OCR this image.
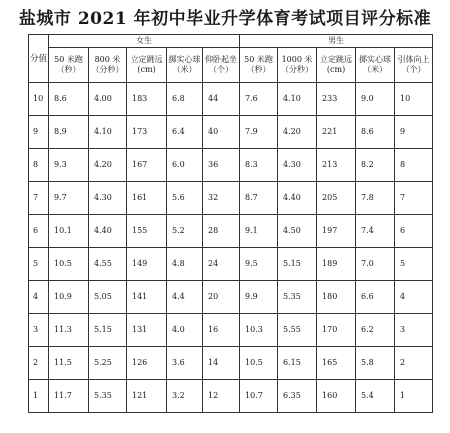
盐城市 2021 年初中毕业升学体育考试项目评分标准
分值	女生					男生				
	50 米跑（秒）	800 米（分秒）	立定跳远(cm)	掷实心球（米）	仰卧起坐（个）	50 米跑（秒）	1000 米（分秒）	立定跳远(cm)	掷实心球（米）	引体向上（个）
10	8.6	4.00	183	6.8	44	7.6	4.10	233	9.0	10
9	8.9	4.10	173	6.4	40	7.9	4.20	221	8.6	9
8	9.3	4.20	167	6.0	36	8.3	4.30	213	8.2	8
7	9.7	4.30	161	5.6	32	8.7	4.40	205	7.8	7
6	10.1	4.40	155	5.2	28	9.1	4.50	197	7.4	6
5	10.5	4.55	149	4.8	24	9.5	5.15	189	7.0	5
4	10.9	5.05	141	4.4	20	9.9	5.35	180	6.6	4
3	11.3	5.15	131	4.0	16	10.3	5.55	170	6.2	3
2	11.5	5.25	126	3.6	14	10.5	6.15	165	5.8	2
1	11.7	5.35	121	3.2	12	10.7	6.35	160	5.4	1
